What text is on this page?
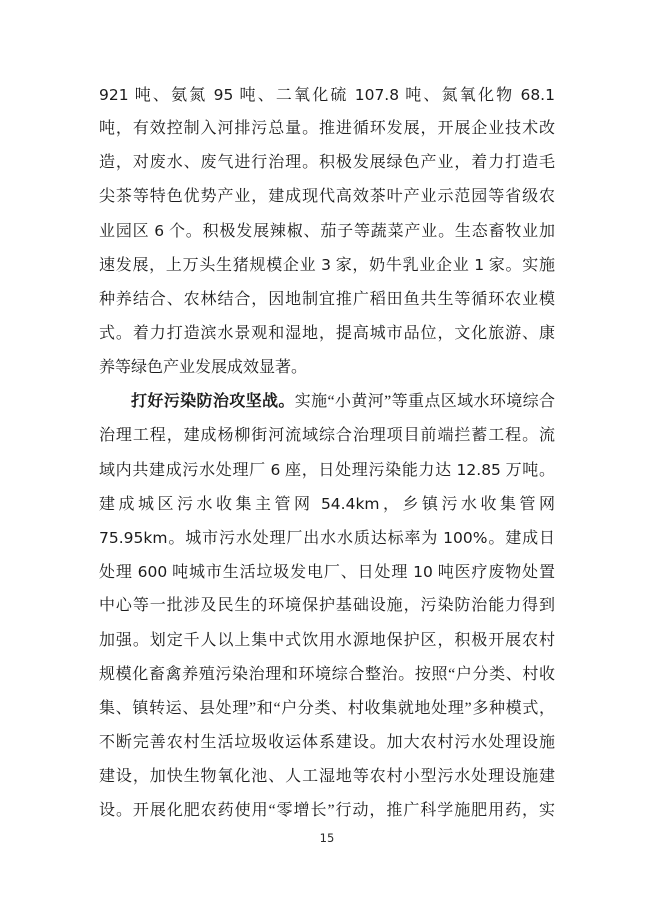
921 吨、氨氮 95 吨、二氧化硫 107.8 吨、氮氧化物 68.1
吨，有效控制入河排污总量。推进循环发展，开展企业技术改
造，对废水、废气进行治理。积极发展绿色产业，着力打造毛
尖茶等特色优势产业，建成现代高效茶叶产业示范园等省级农
业园区 6 个。积极发展辣椒、茄子等蔬菜产业。生态畜牧业加
速发展，上万头生猪规模企业 3 家，奶牛乳业企业 1 家。实施
种养结合、农林结合，因地制宜推广稻田鱼共生等循环农业模
式。着力打造滨水景观和湿地，提高城市品位，文化旅游、康
养等绿色产业发展成效显著。
打好污染防治攻坚战。实施“小黄河”等重点区域水环境综合
治理工程，建成杨柳街河流域综合治理项目前端拦蓄工程。流
域内共建成污水处理厂 6 座，日处理污染能力达 12.85 万吨。
建成城区污水收集主管网 54.4km，乡镇污水收集管网
75.95km。城市污水处理厂出水水质达标率为 100%。建成日
处理 600 吨城市生活垃圾发电厂、日处理 10 吨医疗废物处置
中心等一批涉及民生的环境保护基础设施，污染防治能力得到
加强。划定千人以上集中式饮用水源地保护区，积极开展农村
规模化畜禽养殖污染治理和环境综合整治。按照“户分类、村收
集、镇转运、县处理”和“户分类、村收集就地处理”多种模式，
不断完善农村生活垃圾收运体系建设。加大农村污水处理设施
建设，加快生物氧化池、人工湿地等农村小型污水处理设施建
设。开展化肥农药使用“零增长”行动，推广科学施肥用药，实
15
